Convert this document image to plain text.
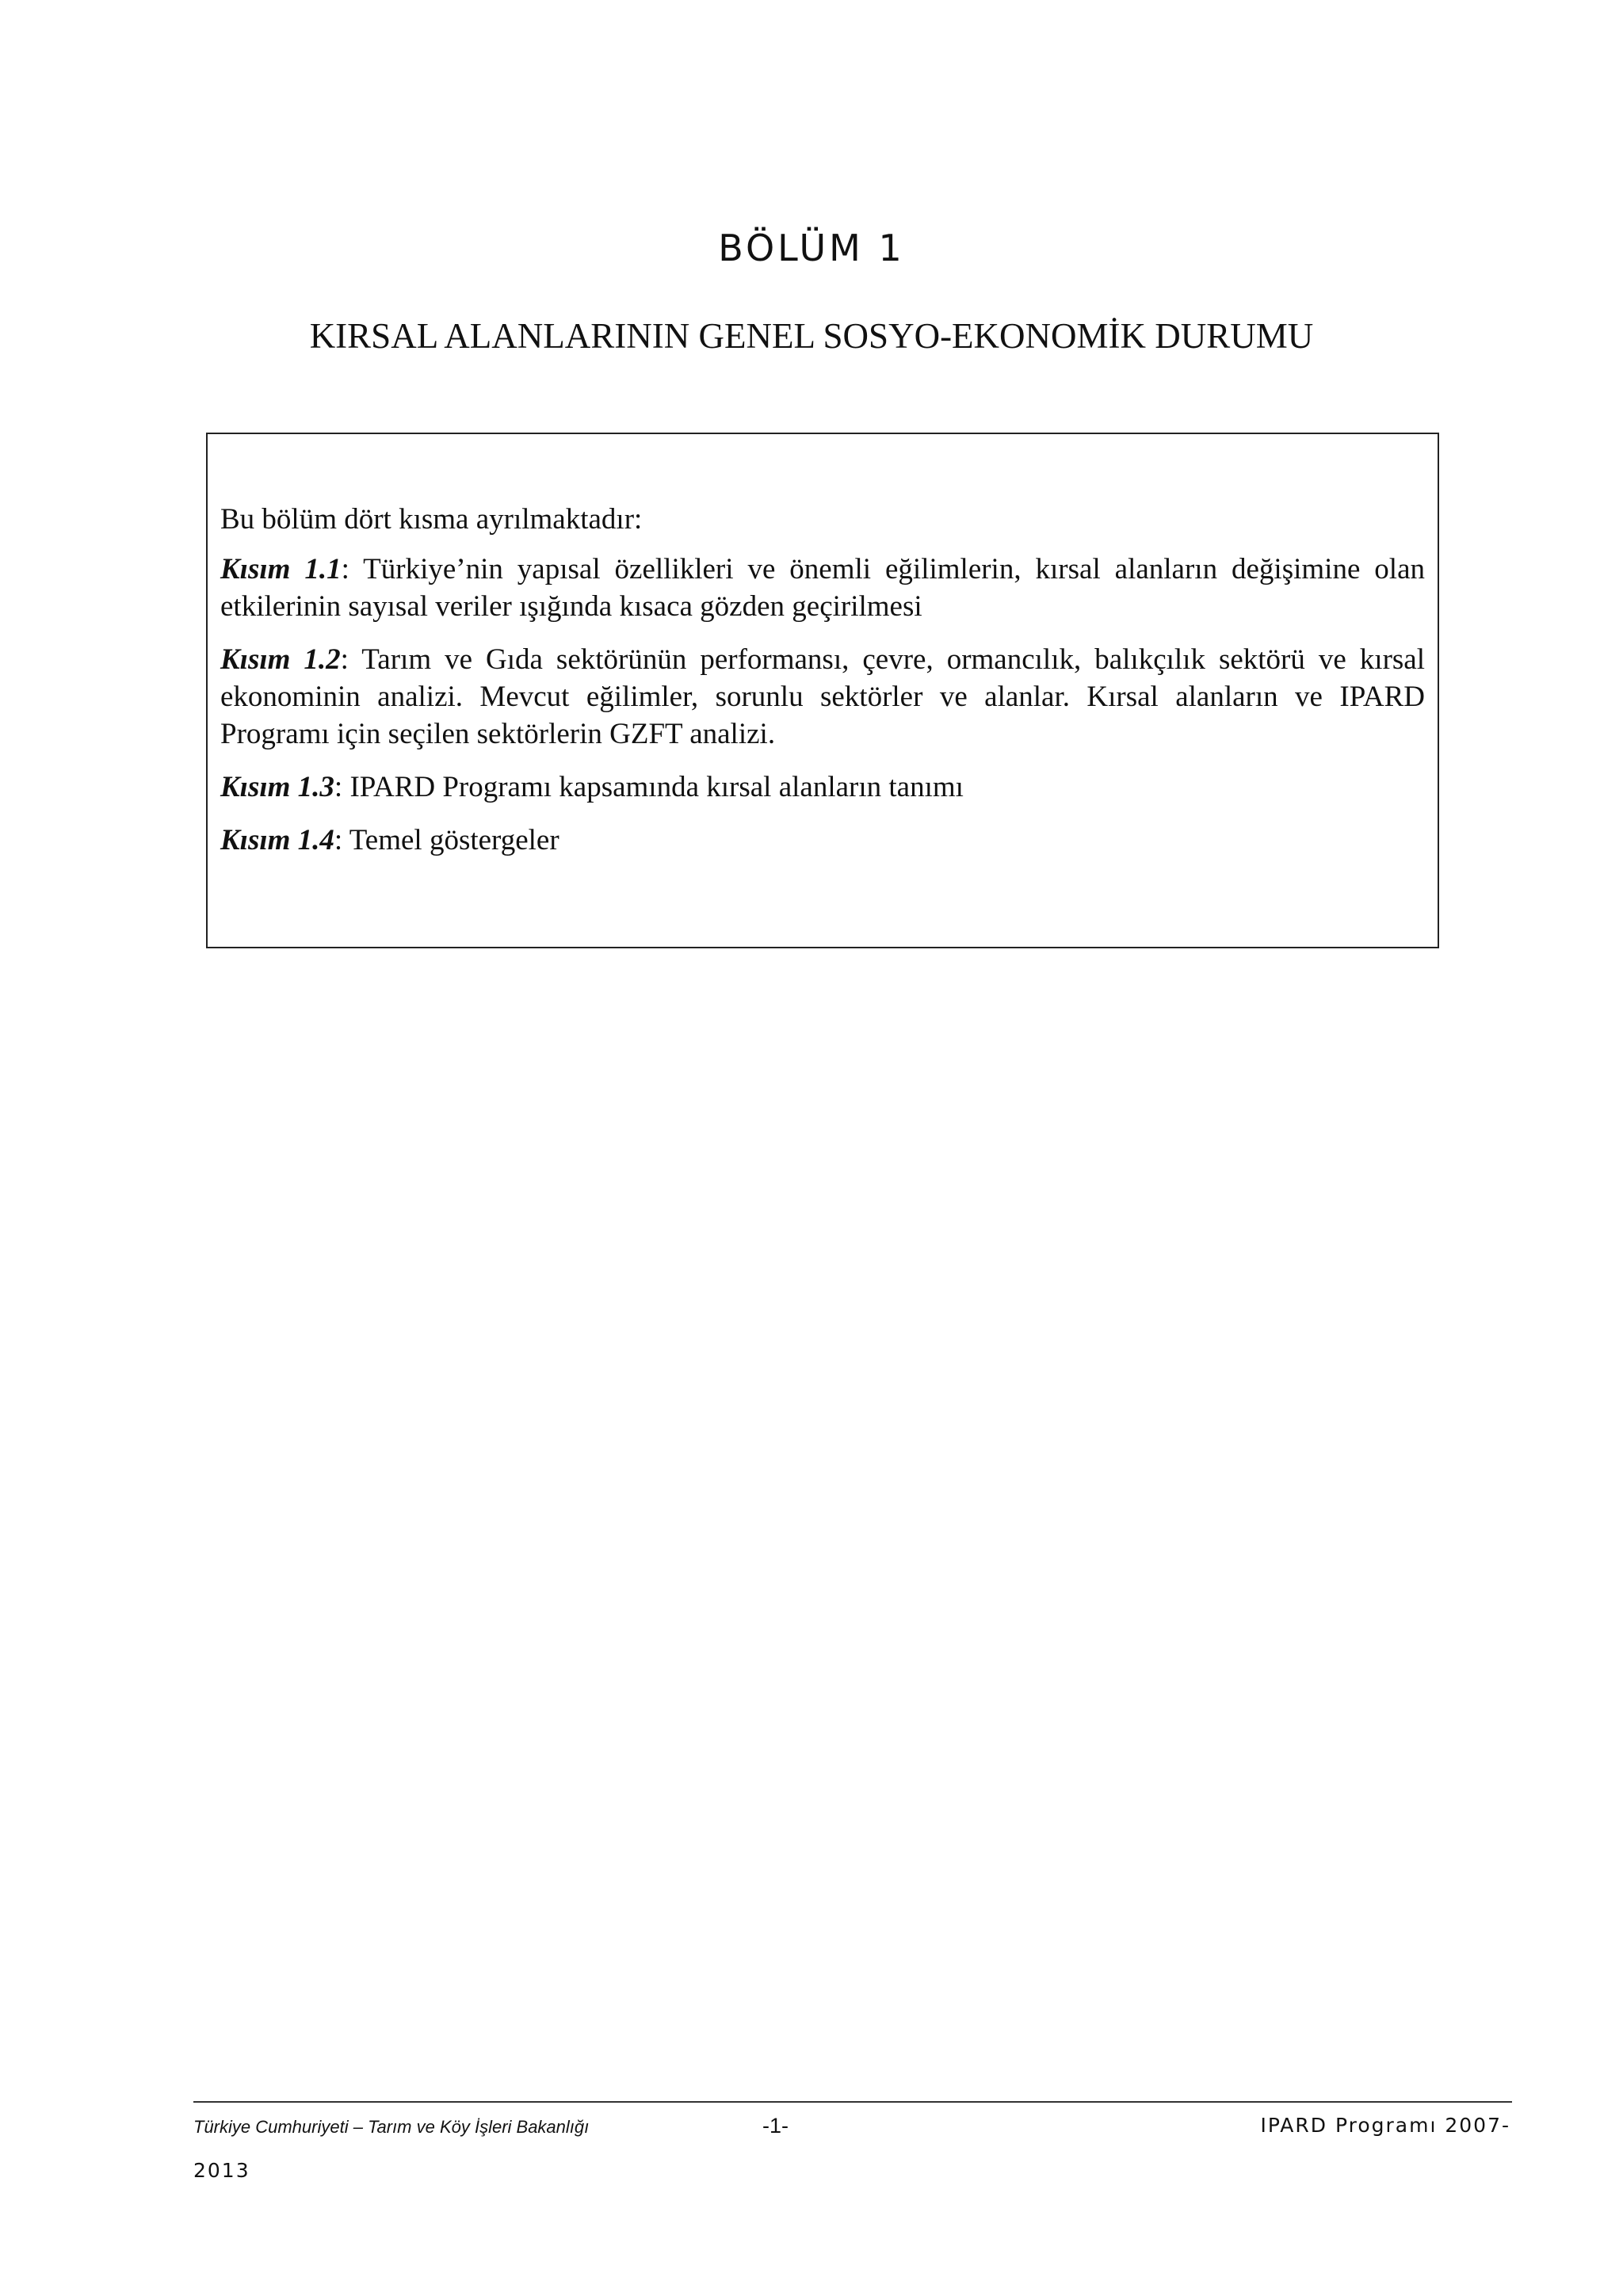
BÖLÜM 1
KIRSAL ALANLARININ GENEL SOSYO-EKONOMİK DURUMU

Bu bölüm dört kısma ayrılmaktadır:

Kısım 1.1: Türkiye’nin yapısal özellikleri ve önemli eğilimlerin, kırsal alanların değişimine olan etkilerinin sayısal veriler ışığında kısaca gözden geçirilmesi

Kısım 1.2: Tarım ve Gıda sektörünün performansı, çevre, ormancılık, balıkçılık sektörü ve kırsal ekonominin analizi. Mevcut eğilimler, sorunlu sektörler ve alanlar. Kırsal alanların ve IPARD Programı için seçilen sektörlerin GZFT analizi.

Kısım 1.3: IPARD Programı kapsamında kırsal alanların tanımı

Kısım 1.4: Temel göstergeler

Türkiye Cumhuriyeti – Tarım ve Köy İşleri Bakanlığı	-1-	IPARD Programı 2007-
2013
